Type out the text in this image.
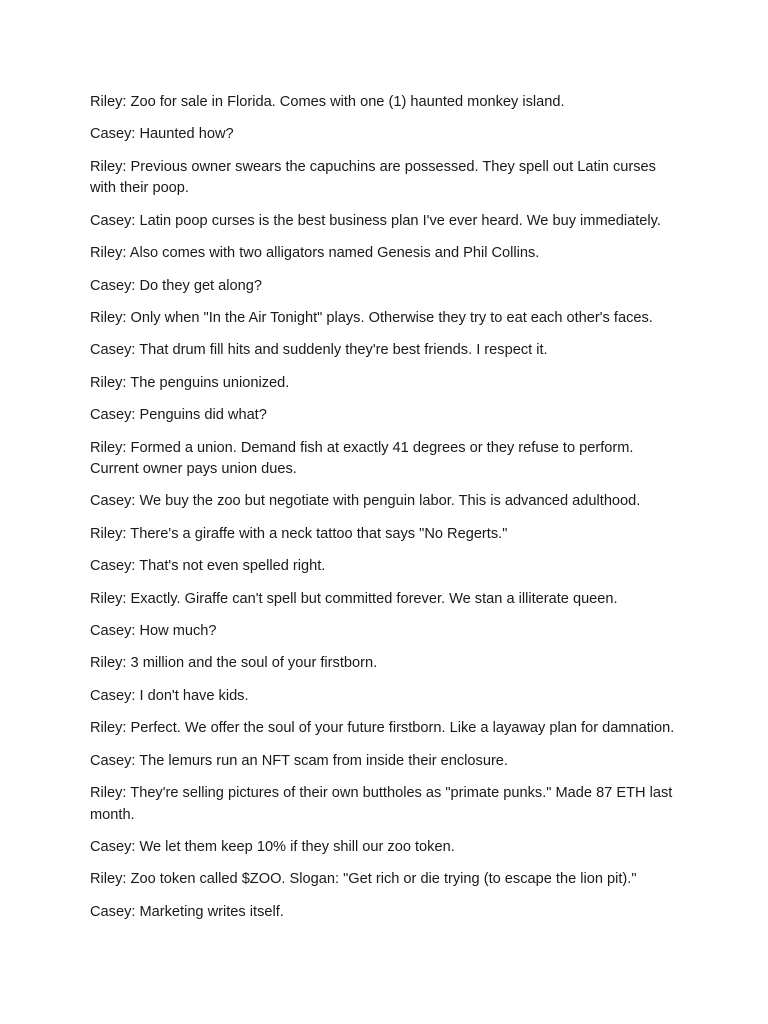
Riley: Zoo for sale in Florida. Comes with one (1) haunted monkey island.

Casey: Haunted how?

Riley: Previous owner swears the capuchins are possessed. They spell out Latin curses with their poop.

Casey: Latin poop curses is the best business plan I've ever heard. We buy immediately.

Riley: Also comes with two alligators named Genesis and Phil Collins.

Casey: Do they get along?

Riley: Only when "In the Air Tonight" plays. Otherwise they try to eat each other's faces.

Casey: That drum fill hits and suddenly they're best friends. I respect it.

Riley: The penguins unionized.

Casey: Penguins did what?

Riley: Formed a union. Demand fish at exactly 41 degrees or they refuse to perform. Current owner pays union dues.

Casey: We buy the zoo but negotiate with penguin labor. This is advanced adulthood.

Riley: There's a giraffe with a neck tattoo that says "No Regerts."

Casey: That's not even spelled right.

Riley: Exactly. Giraffe can't spell but committed forever. We stan a illiterate queen.

Casey: How much?

Riley: 3 million and the soul of your firstborn.

Casey: I don't have kids.

Riley: Perfect. We offer the soul of your future firstborn. Like a layaway plan for damnation.

Casey: The lemurs run an NFT scam from inside their enclosure.

Riley: They're selling pictures of their own buttholes as "primate punks." Made 87 ETH last month.

Casey: We let them keep 10% if they shill our zoo token.

Riley: Zoo token called $ZOO. Slogan: "Get rich or die trying (to escape the lion pit)."

Casey: Marketing writes itself.
